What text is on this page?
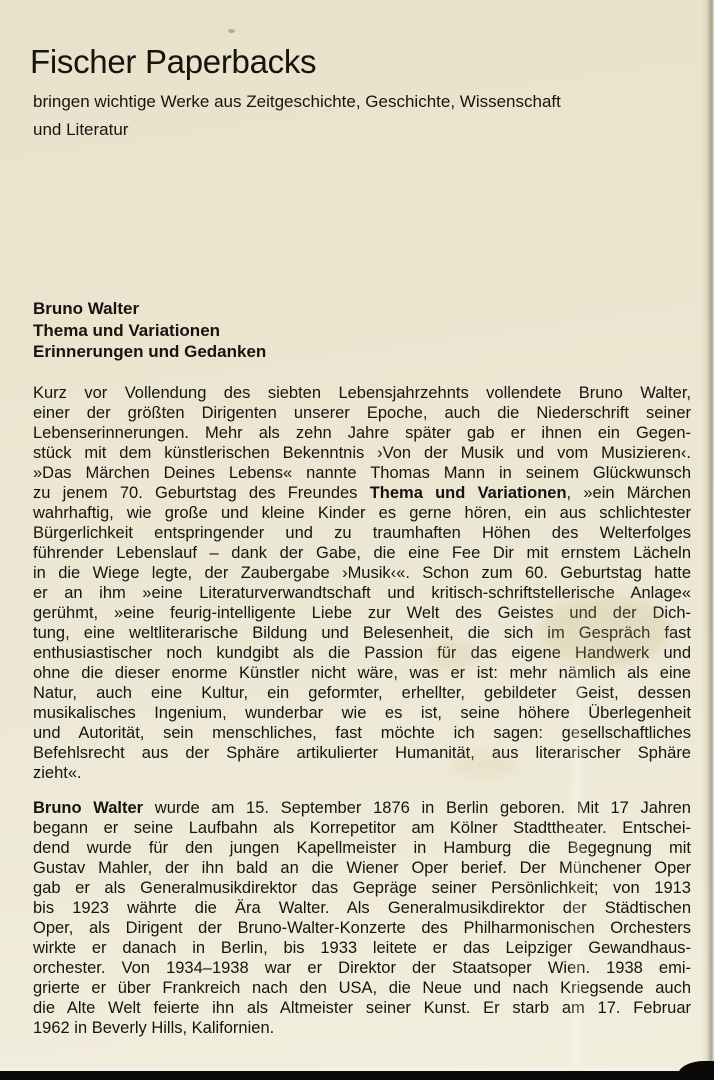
Fischer Paperbacks
bringen wichtige Werke aus Zeitgeschichte, Geschichte, Wissenschaft
und Literatur
Bruno Walter
Thema und Variationen
Erinnerungen und Gedanken
Kurz vor Vollendung des siebten Lebensjahrzehnts vollendete Bruno Walter,
einer der größten Dirigenten unserer Epoche, auch die Niederschrift seiner
Lebenserinnerungen. Mehr als zehn Jahre später gab er ihnen ein Gegen-
stück mit dem künstlerischen Bekenntnis ›Von der Musik und vom Musizieren‹.
»Das Märchen Deines Lebens« nannte Thomas Mann in seinem Glückwunsch
zu jenem 70. Geburtstag des Freundes Thema und Variationen, »ein Märchen
wahrhaftig, wie große und kleine Kinder es gerne hören, ein aus schlichtester
Bürgerlichkeit entspringender und zu traumhaften Höhen des Welterfolges
führender Lebenslauf – dank der Gabe, die eine Fee Dir mit ernstem Lächeln
in die Wiege legte, der Zaubergabe ›Musik‹«. Schon zum 60. Geburtstag hatte
er an ihm »eine Literaturverwandtschaft und kritisch-schriftstellerische Anlage«
gerühmt, »eine feurig-intelligente Liebe zur Welt des Geistes und der Dich-
tung, eine weltliterarische Bildung und Belesenheit, die sich im Gespräch fast
enthusiastischer noch kundgibt als die Passion für das eigene Handwerk und
ohne die dieser enorme Künstler nicht wäre, was er ist: mehr nämlich als eine
Natur, auch eine Kultur, ein geformter, erhellter, gebildeter Geist, dessen
musikalisches Ingenium, wunderbar wie es ist, seine höhere Überlegenheit
und Autorität, sein menschliches, fast möchte ich sagen: gesellschaftliches
Befehlsrecht aus der Sphäre artikulierter Humanität, aus literarischer Sphäre
zieht«.
Bruno Walter wurde am 15. September 1876 in Berlin geboren. Mit 17 Jahren
begann er seine Laufbahn als Korrepetitor am Kölner Stadttheater. Entschei-
dend wurde für den jungen Kapellmeister in Hamburg die Begegnung mit
Gustav Mahler, der ihn bald an die Wiener Oper berief. Der Münchener Oper
gab er als Generalmusikdirektor das Gepräge seiner Persönlichkeit; von 1913
bis 1923 währte die Ära Walter. Als Generalmusikdirektor der Städtischen
Oper, als Dirigent der Bruno-Walter-Konzerte des Philharmonischen Orchesters
wirkte er danach in Berlin, bis 1933 leitete er das Leipziger Gewandhaus-
orchester. Von 1934–1938 war er Direktor der Staatsoper Wien. 1938 emi-
grierte er über Frankreich nach den USA, die Neue und nach Kriegsende auch
die Alte Welt feierte ihn als Altmeister seiner Kunst. Er starb am 17. Februar
1962 in Beverly Hills, Kalifornien.
